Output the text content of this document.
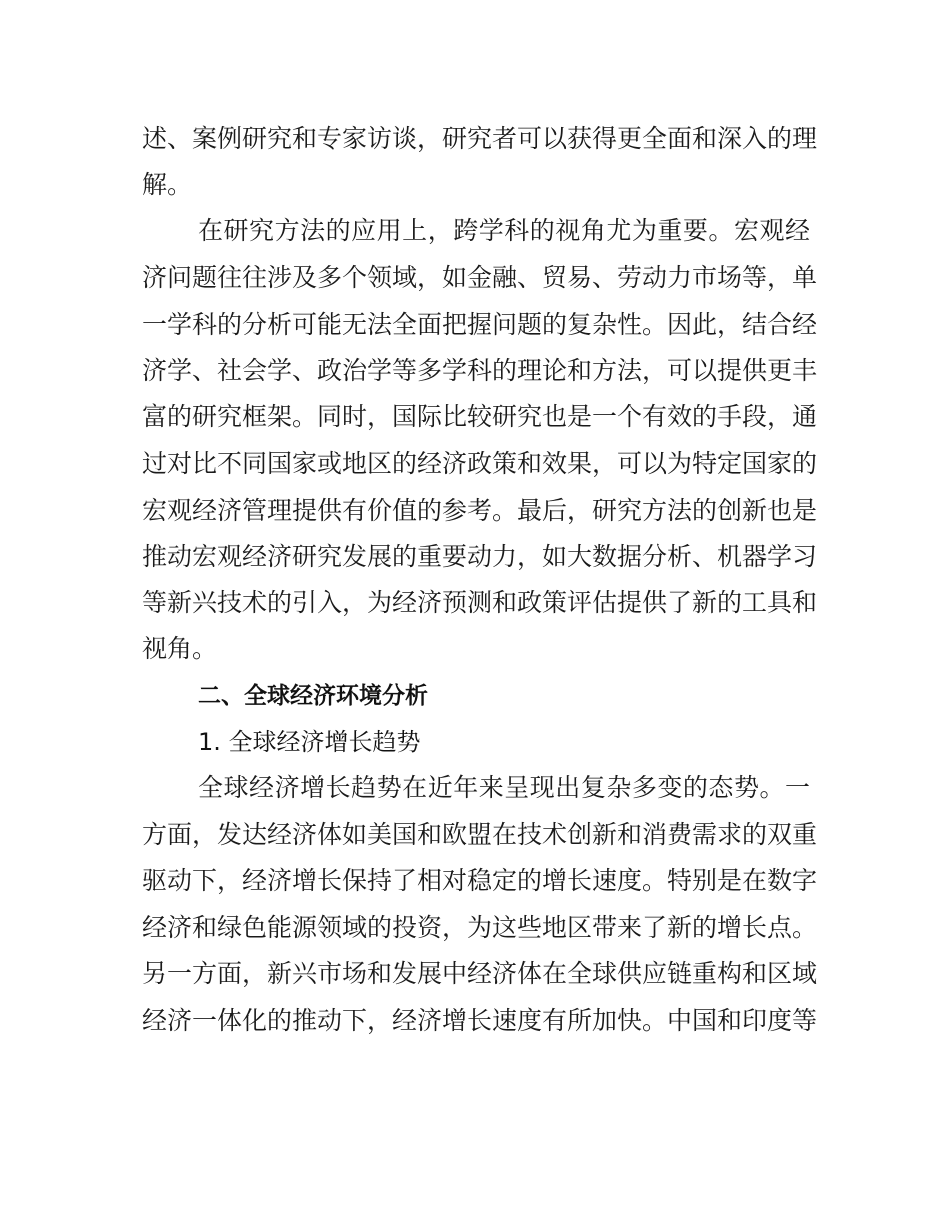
述、案例研究和专家访谈，研究者可以获得更全面和深入的理
解。
在研究方法的应用上，跨学科的视角尤为重要。宏观经
济问题往往涉及多个领域，如金融、贸易、劳动力市场等，单
一学科的分析可能无法全面把握问题的复杂性。因此，结合经
济学、社会学、政治学等多学科的理论和方法，可以提供更丰
富的研究框架。同时，国际比较研究也是一个有效的手段，通
过对比不同国家或地区的经济政策和效果，可以为特定国家的
宏观经济管理提供有价值的参考。最后，研究方法的创新也是
推动宏观经济研究发展的重要动力，如大数据分析、机器学习
等新兴技术的引入，为经济预测和政策评估提供了新的工具和
视角。
二、全球经济环境分析
1. 全球经济增长趋势
全球经济增长趋势在近年来呈现出复杂多变的态势。一
方面，发达经济体如美国和欧盟在技术创新和消费需求的双重
驱动下，经济增长保持了相对稳定的增长速度。特别是在数字
经济和绿色能源领域的投资，为这些地区带来了新的增长点。
另一方面，新兴市场和发展中经济体在全球供应链重构和区域
经济一体化的推动下，经济增长速度有所加快。中国和印度等
